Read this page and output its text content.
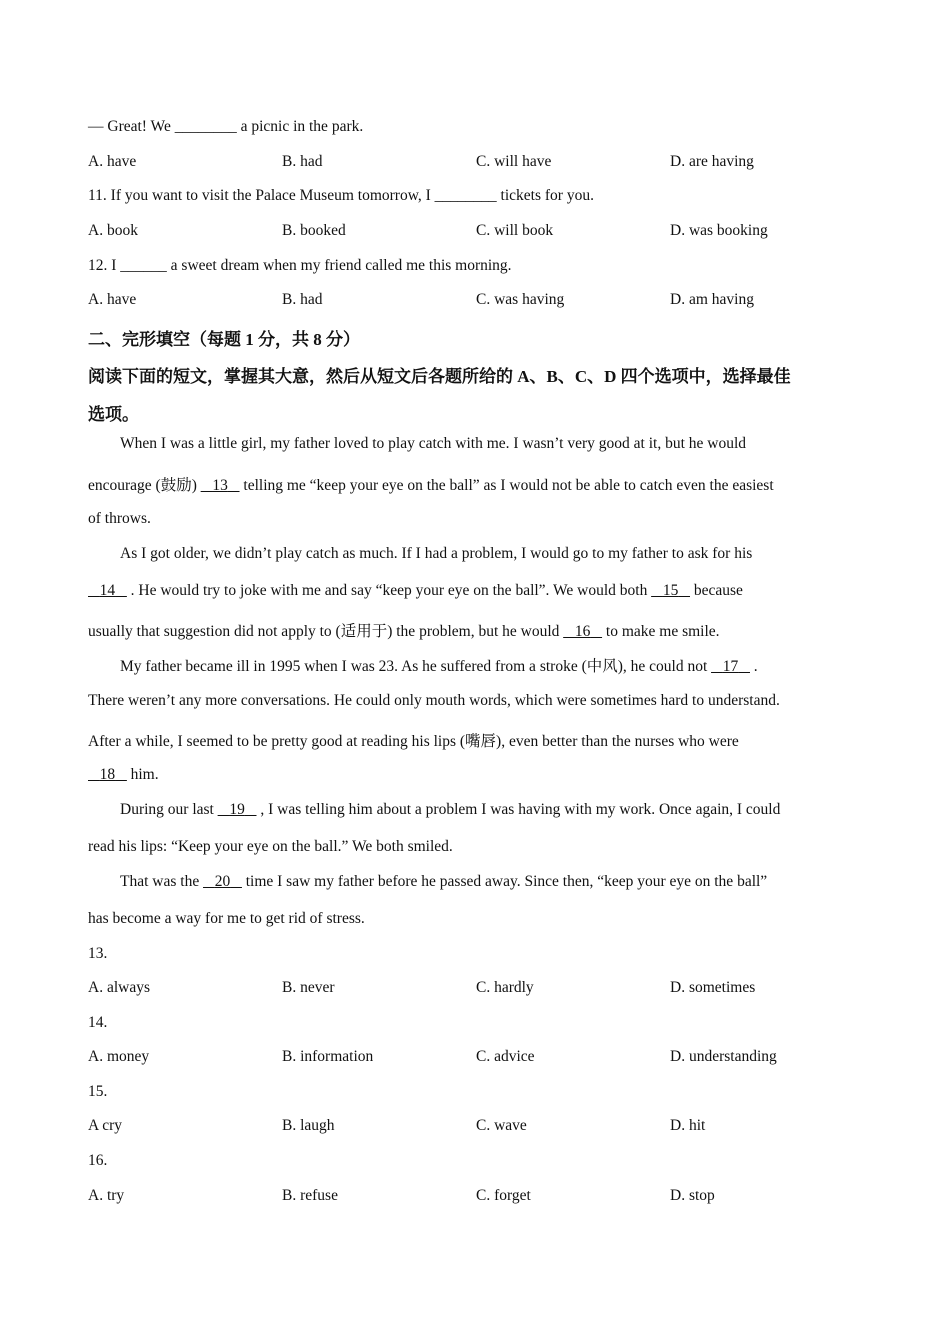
— Great! We ________ a picnic in the park.
A. have	B. had	C. will have	D. are having
11. If you want to visit the Palace Museum tomorrow, I ________ tickets for you.
A. book	B. booked	C. will book	D. was booking
12. I ______ a sweet dream when my friend called me this morning.
A. have	B. had	C. was having	D. am having
二、完形填空（每题 1 分，共 8 分）
阅读下面的短文，掌握其大意，然后从短文后各题所给的 A、B、C、D 四个选项中，选择最佳
选项。
When I was a little girl, my father loved to play catch with me. I wasn’t very good at it, but he would
encourage (鼓励) 13 telling me “keep your eye on the ball” as I would not be able to catch even the easiest
of throws.
As I got older, we didn’t play catch as much. If I had a problem, I would go to my father to ask for his
14 . He would try to joke with me and say “keep your eye on the ball”. We would both 15 because
usually that suggestion did not apply to (适用于) the problem, but he would 16 to make me smile.
My father became ill in 1995 when I was 23. As he suffered from a stroke (中风), he could not 17 .
There weren’t any more conversations. He could only mouth words, which were sometimes hard to understand.
After a while, I seemed to be pretty good at reading his lips (嘴唇), even better than the nurses who were
18 him.
During our last 19 , I was telling him about a problem I was having with my work. Once again, I could
read his lips: “Keep your eye on the ball.” We both smiled.
That was the 20 time I saw my father before he passed away. Since then, “keep your eye on the ball”
has become a way for me to get rid of stress.
13.
A. always	B. never	C. hardly	D. sometimes
14.
A. money	B. information	C. advice	D. understanding
15.
A cry	B. laugh	C. wave	D. hit
16.
A. try	B. refuse	C. forget	D. stop
